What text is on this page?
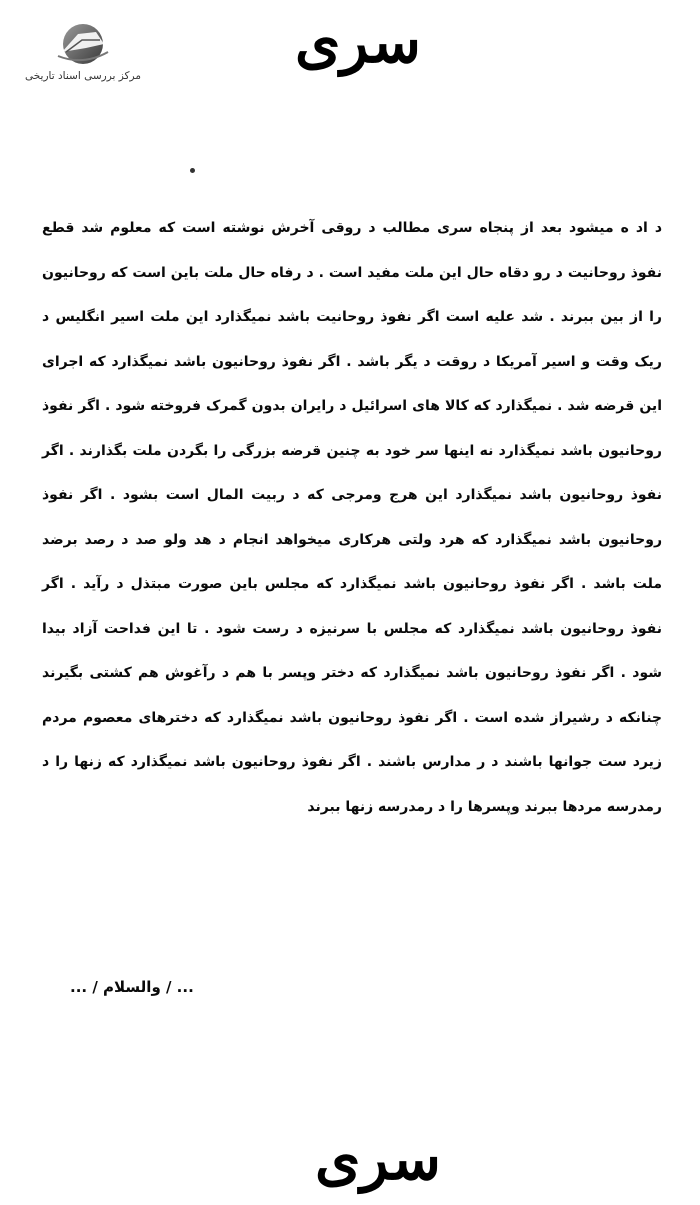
مرکز بررسی اسناد تاریخی	سری
د اد ه میشود بعد از پنجاه سری مطالب د روقی آخرش نوشته است که معلوم شد قطع نفوذ روحانیت د رو دقاه حال این ملت مفید است . د رفاه حال ملت باین است که روحانیون را از بین ببرند . شد علیه است اگر نفوذ روحانیت باشد نمیگذارد این ملت اسیر انگلیس د ریک وقت و اسیر آمریکا د روقت د یگر باشد . اگر نفوذ روحانیون باشد نمیگذارد که اجرای این قرضه شد . نمیگذارد که کالا های اسرائیل د رایران بدون گمرک فروخته شود . اگر نفوذ روحانیون باشد نمیگذارد نه اینها سر خود به چنین قرضه بزرگی را بگردن ملت بگذارند . اگر نفوذ روحانیون باشد نمیگذارد این هرج ومرجی که د ربیت المال است بشود . اگر نفوذ روحانیون باشد نمیگذارد که هرد ولتی هرکاری میخواهد انجام د هد ولو صد د رصد برضد ملت باشد . اگر نفوذ روحانیون باشد نمیگذارد که مجلس باین صورت مبتذل د رآید . اگر نفوذ روحانیون باشد نمیگذارد که مجلس با سرنیزه د رست شود . تا این فداحت آزاد بیدا شود . اگر نفوذ روحانیون باشد نمیگذارد که دختر وپسر با هم د رآغوش هم کشتی بگیرند چنانکه د رشیراز شده است . اگر نفوذ روحانیون باشد نمیگذارد که دخترهای معصوم مردم زیرد ست جوانها باشند د ر مدارس باشند . اگر نفوذ روحانیون باشد نمیگذارد که زنها را د رمدرسه مردها ببرند وپسرها را د رمدرسه زنها ببرند
... / والسلام / ...
سری
